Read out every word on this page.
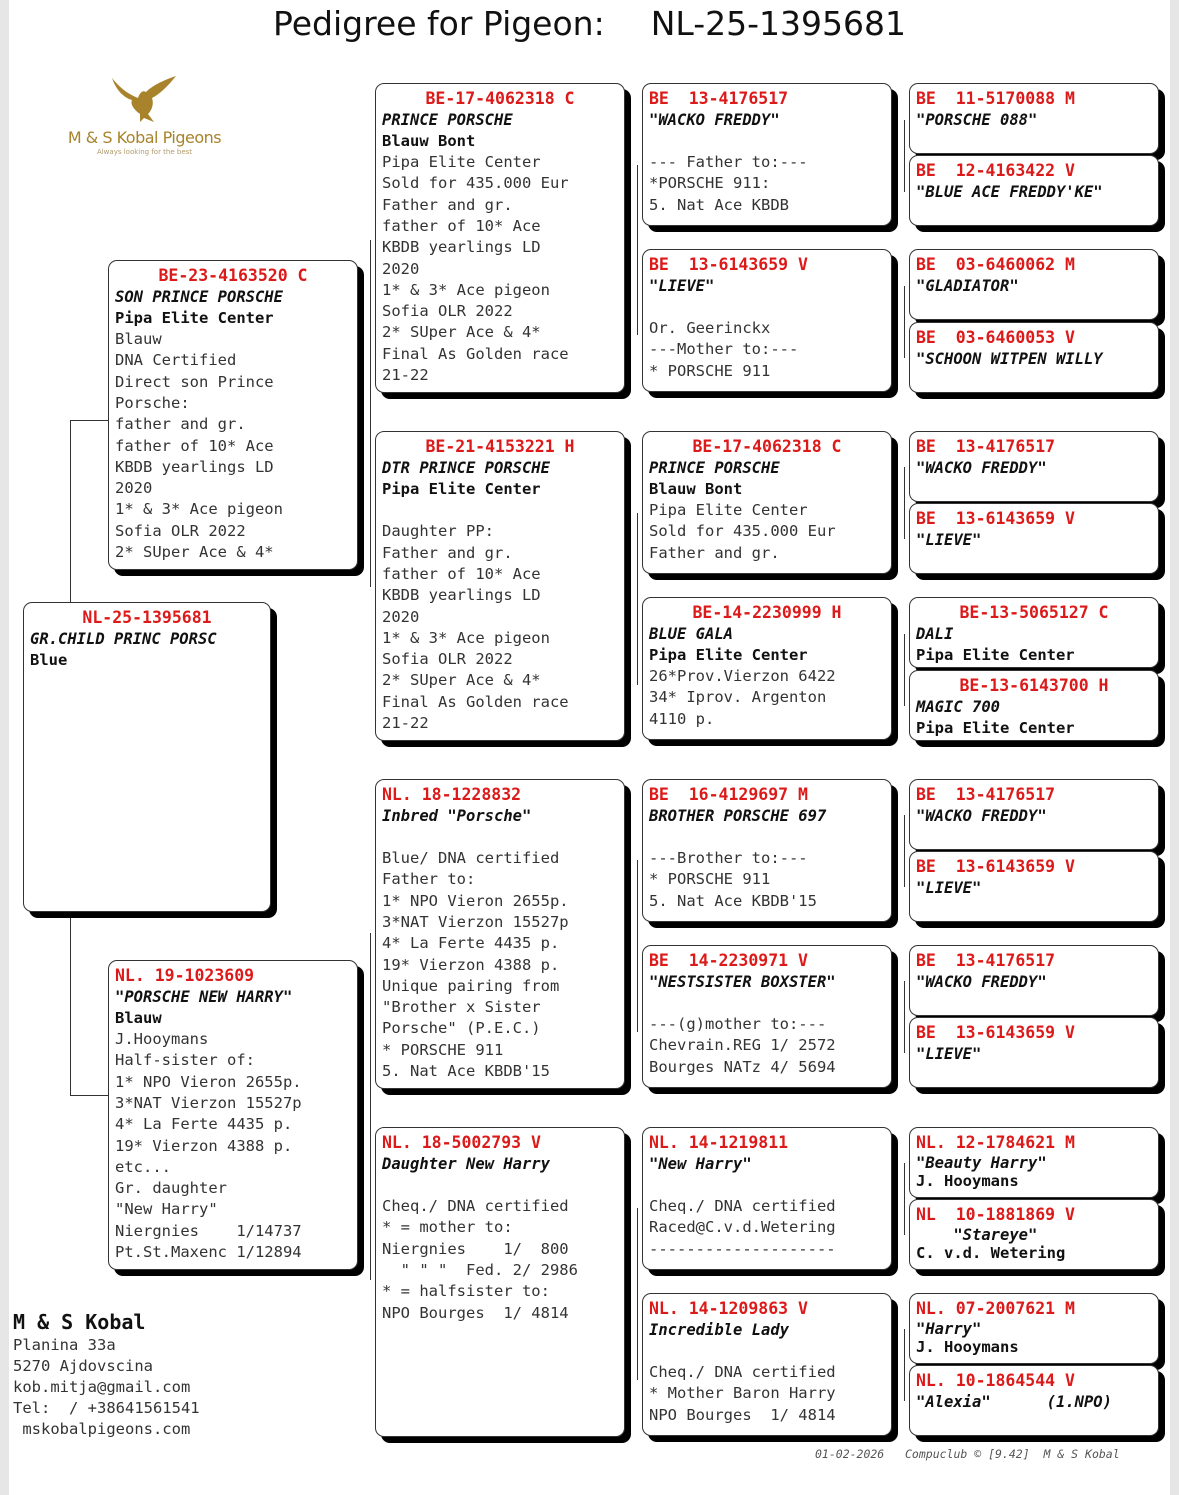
Pedigree for Pigeon: NL-25-1395681
M & S Kobal Pigeons
Always looking for the best
NL-25-1395681
GR.CHILD PRINC PORSC
Blue
BE-23-4163520 C
SON PRINCE PORSCHE
Pipa Elite Center
Blauw
DNA Certified
Direct son Prince
Porsche:
father and gr.
father of 10* Ace
KBDB yearlings LD
2020
1* & 3* Ace pigeon
Sofia OLR 2022
2* SUper Ace & 4*
NL. 19-1023609
"PORSCHE NEW HARRY"
Blauw
J.Hooymans
Half-sister of:
1* NPO Vieron 2655p.
3*NAT Vierzon 15527p
4* La Ferte 4435 p.
19* Vierzon 4388 p.
etc...
Gr. daughter
"New Harry"
Niergnies    1/14737
Pt.St.Maxenc 1/12894
BE-17-4062318 C
PRINCE PORSCHE
Blauw Bont
Pipa Elite Center
Sold for 435.000 Eur
Father and gr.
father of 10* Ace
KBDB yearlings LD
2020
1* & 3* Ace pigeon
Sofia OLR 2022
2* SUper Ace & 4*
Final As Golden race
21-22
BE-21-4153221 H
DTR PRINCE PORSCHE
Pipa Elite Center

Daughter PP:
Father and gr.
father of 10* Ace
KBDB yearlings LD
2020
1* & 3* Ace pigeon
Sofia OLR 2022
2* SUper Ace & 4*
Final As Golden race
21-22
NL. 18-1228832
Inbred "Porsche"

Blue/ DNA certified
Father to:
1* NPO Vieron 2655p.
3*NAT Vierzon 15527p
4* La Ferte 4435 p.
19* Vierzon 4388 p.
Unique pairing from
"Brother x Sister
Porsche" (P.E.C.)
* PORSCHE 911
5. Nat Ace KBDB'15
NL. 18-5002793 V
Daughter New Harry

Cheq./ DNA certified
* = mother to:
Niergnies    1/  800
" " "  Fed. 2/ 2986
* = halfsister to:
NPO Bourges  1/ 4814
BE  13-4176517
"WACKO FREDDY"

--- Father to:---
*PORSCHE 911:
5. Nat Ace KBDB
BE  13-6143659 V
"LIEVE"

Or. Geerinckx
---Mother to:---
* PORSCHE 911
BE-17-4062318 C
PRINCE PORSCHE
Blauw Bont
Pipa Elite Center
Sold for 435.000 Eur
Father and gr.
BE-14-2230999 H
BLUE GALA
Pipa Elite Center
26*Prov.Vierzon 6422
34* Iprov. Argenton
4110 p.
BE  16-4129697 M
BROTHER PORSCHE 697

---Brother to:---
* PORSCHE 911
5. Nat Ace KBDB'15
BE  14-2230971 V
"NESTSISTER BOXSTER"

---(g)mother to:---
Chevrain.REG 1/ 2572
Bourges NATz 4/ 5694
NL. 14-1219811
"New Harry"

Cheq./ DNA certified
Raced@C.v.d.Wetering
--------------------
NL. 14-1209863 V
Incredible Lady

Cheq./ DNA certified
* Mother Baron Harry
NPO Bourges  1/ 4814
BE  11-5170088 M
"PORSCHE 088"
BE  12-4163422 V
"BLUE ACE FREDDY'KE"
BE  03-6460062 M
"GLADIATOR"
BE  03-6460053 V
"SCHOON WITPEN WILLY
BE  13-4176517
"WACKO FREDDY"
BE  13-6143659 V
"LIEVE"
BE-13-5065127 C
DALI
Pipa Elite Center
BE-13-6143700 H
MAGIC 700
Pipa Elite Center
BE  13-4176517
"WACKO FREDDY"
BE  13-6143659 V
"LIEVE"
BE  13-4176517
"WACKO FREDDY"
BE  13-6143659 V
"LIEVE"
NL. 12-1784621 M
"Beauty Harry"
J. Hooymans
NL  10-1881869 V
"Stareye"
C. v.d. Wetering
NL. 07-2007621 M
"Harry"
J. Hooymans
NL. 10-1864544 V
"Alexia"      (1.NPO)
M & S Kobal
Planina 33a
5270 Ajdovscina
kob.mitja@gmail.com
Tel:  / +38641561541
mskobalpigeons.com
01-02-2026   Compuclub © [9.42]  M & S Kobal
